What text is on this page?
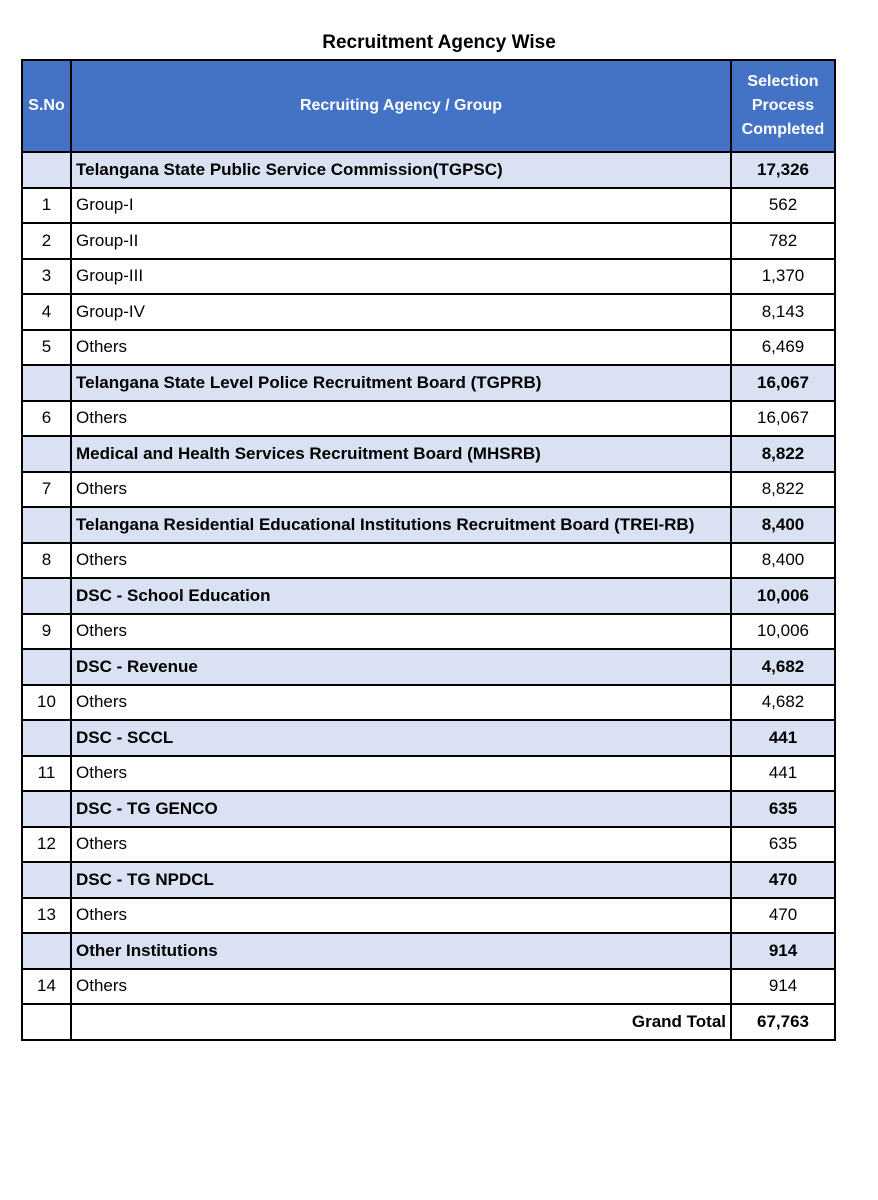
Recruitment Agency Wise
S.No	Recruiting Agency / Group	Selection Process Completed
	Telangana State Public Service Commission(TGPSC)	17,326
1	Group-I	562
2	Group-II	782
3	Group-III	1,370
4	Group-IV	8,143
5	Others	6,469
	Telangana State Level Police Recruitment Board (TGPRB)	16,067
6	Others	16,067
	Medical and Health Services Recruitment Board (MHSRB)	8,822
7	Others	8,822
	Telangana Residential Educational Institutions Recruitment Board (TREI-RB)	8,400
8	Others	8,400
	DSC - School Education	10,006
9	Others	10,006
	DSC - Revenue	4,682
10	Others	4,682
	DSC - SCCL	441
11	Others	441
	DSC - TG GENCO	635
12	Others	635
	DSC - TG NPDCL	470
13	Others	470
	Other Institutions	914
14	Others	914
	Grand Total	67,763
